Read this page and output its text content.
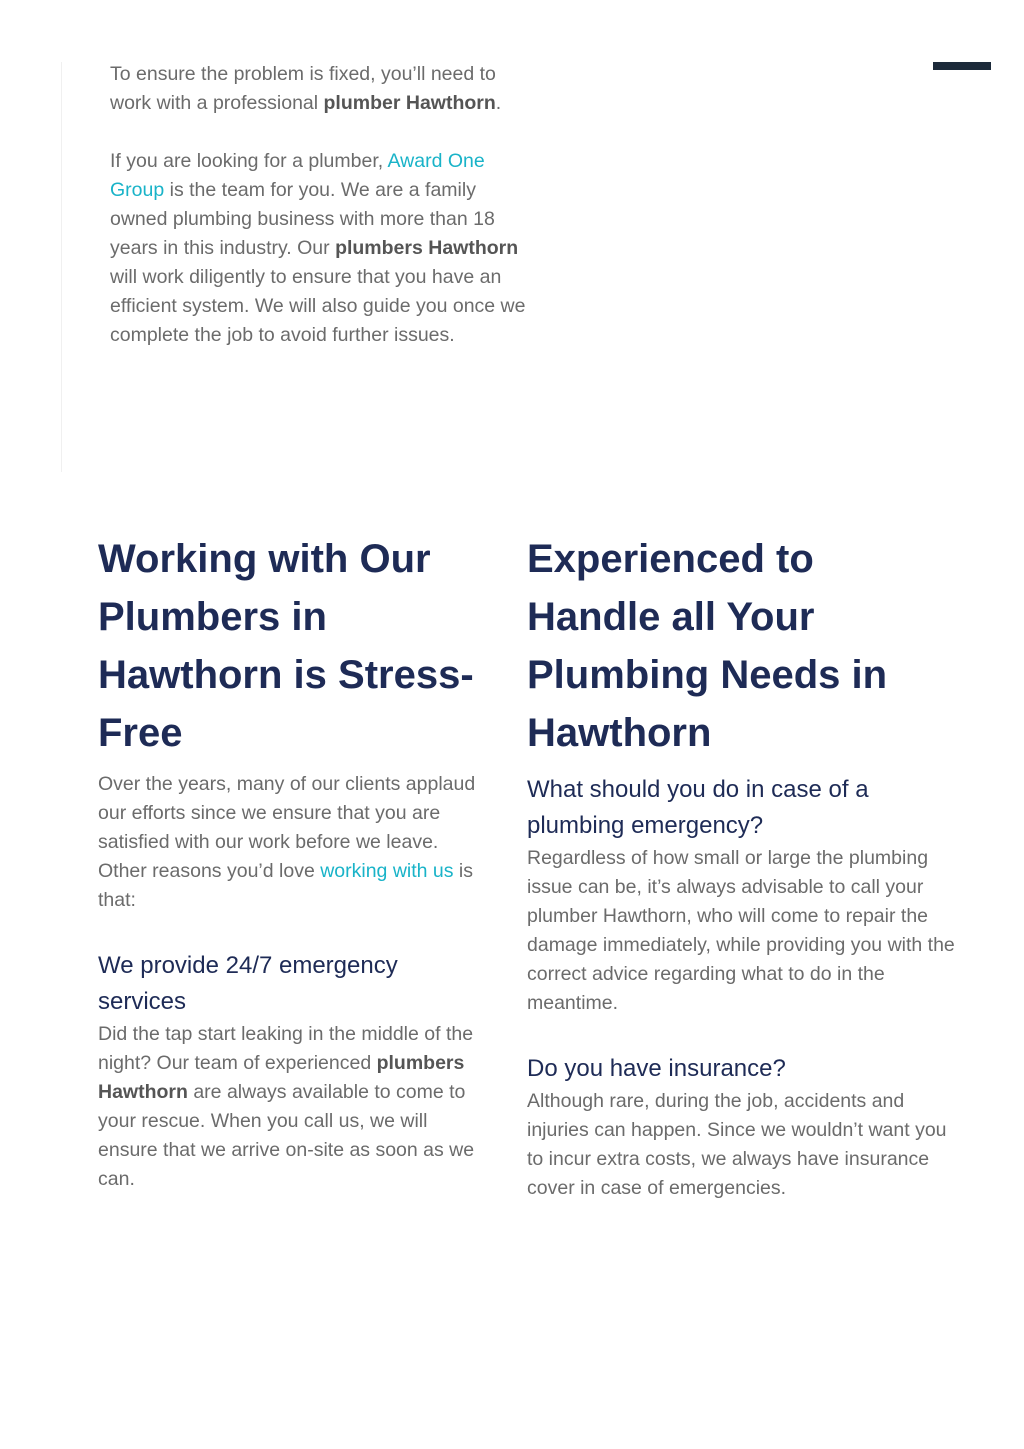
To ensure the problem is fixed, you’ll need to work with a professional plumber Hawthorn.

If you are looking for a plumber, Award One Group is the team for you. We are a family owned plumbing business with more than 18 years in this industry. Our plumbers Hawthorn will work diligently to ensure that you have an efficient system. We will also guide you once we complete the job to avoid further issues.

Working with Our Plumbers in Hawthorn is Stress-Free

Over the years, many of our clients applaud our efforts since we ensure that you are satisfied with our work before we leave. Other reasons you’d love working with us is that:

We provide 24/7 emergency services

Did the tap start leaking in the middle of the night? Our team of experienced plumbers Hawthorn are always available to come to your rescue. When you call us, we will ensure that we arrive on-site as soon as we can.

Experienced to Handle all Your Plumbing Needs in Hawthorn
What should you do in case of a plumbing emergency?

Regardless of how small or large the plumbing issue can be, it’s always advisable to call your plumber Hawthorn, who will come to repair the damage immediately, while providing you with the correct advice regarding what to do in the meantime.

Do you have insurance?

Although rare, during the job, accidents and injuries can happen. Since we wouldn’t want you to incur extra costs, we always have insurance cover in case of emergencies.
